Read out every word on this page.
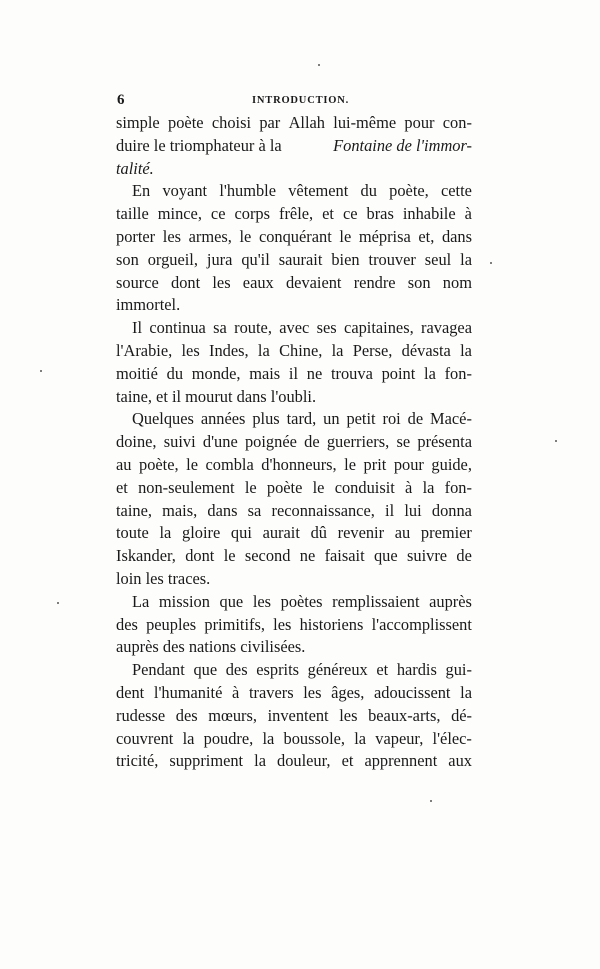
6	INTRODUCTION.
simple poète choisi par Allah lui-même pour con-
duire le triomphateur à la	Fontaine de l'immor-
talité.
En voyant l'humble vêtement du poète, cette
taille mince, ce corps frêle, et ce bras inhabile à
porter les armes, le conquérant le méprisa et, dans
son orgueil, jura qu'il saurait bien trouver seul la
source dont les eaux devaient rendre son nom
immortel.
Il continua sa route, avec ses capitaines, ravagea
l'Arabie, les Indes, la Chine, la Perse, dévasta la
moitié du monde, mais il ne trouva point la fon-
taine, et il mourut dans l'oubli.
Quelques années plus tard, un petit roi de Macé-
doine, suivi d'une poignée de guerriers, se présenta
au poète, le combla d'honneurs, le prit pour guide,
et non-seulement le poète le conduisit à la fon-
taine, mais, dans sa reconnaissance, il lui donna
toute la gloire qui aurait dû revenir au premier
Iskander, dont le second ne faisait que suivre de
loin les traces.
La mission que les poètes remplissaient auprès
des peuples primitifs, les historiens l'accomplissent
auprès des nations civilisées.
Pendant que des esprits généreux et hardis gui-
dent l'humanité à travers les âges, adoucissent la
rudesse des mœurs, inventent les beaux-arts, dé-
couvrent la poudre, la boussole, la vapeur, l'élec-
tricité, suppriment la douleur, et apprennent aux
